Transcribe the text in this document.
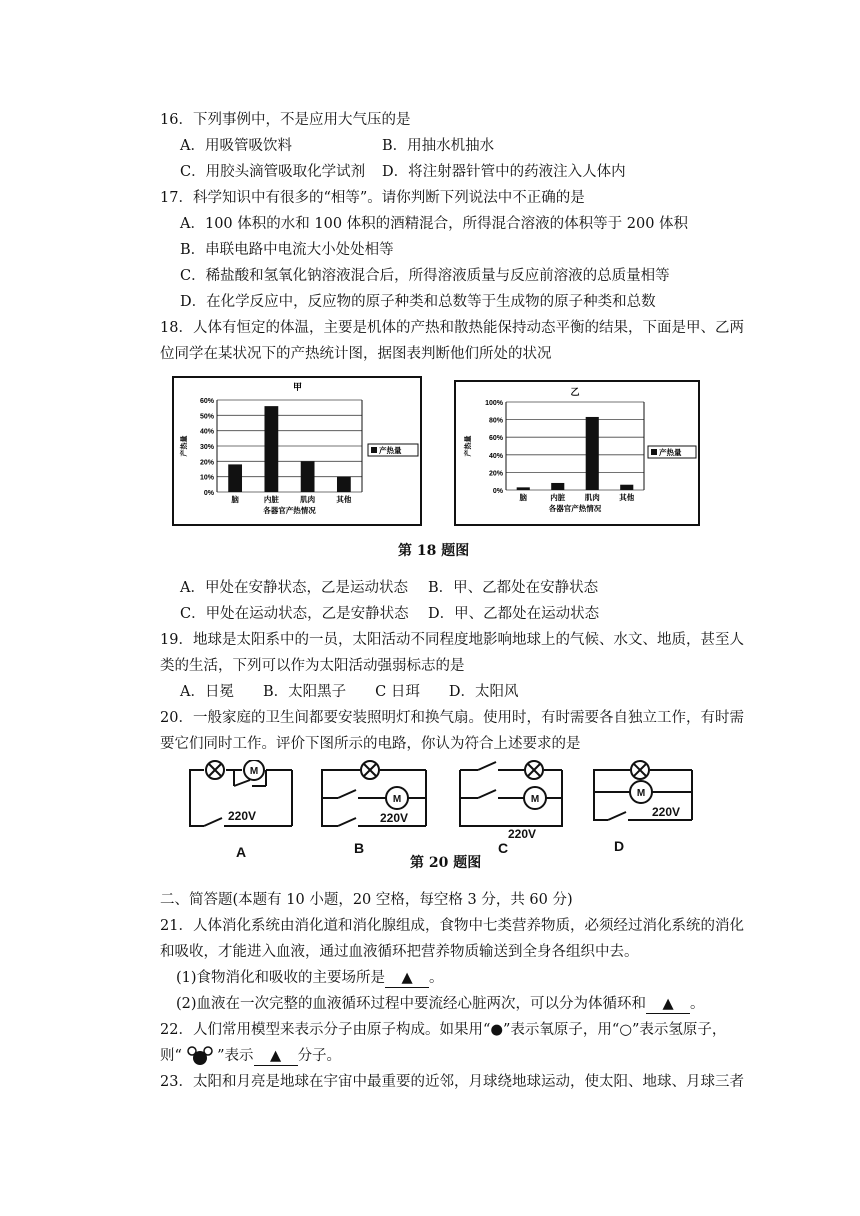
16．下列事例中，不是应用大气压的是
A．用吸管吸饮料	B．用抽水机抽水
C．用胶头滴管吸取化学试剂 D．将注射器针管中的药液注入人体内
17．科学知识中有很多的“相等”。请你判断下列说法中不正确的是
A．100 体积的水和 100 体积的酒精混合，所得混合溶液的体积等于 200 体积
B．串联电路中电流大小处处相等
C．稀盐酸和氢氧化钠溶液混合后，所得溶液质量与反应前溶液的总质量相等
D．在化学反应中，反应物的原子种类和总数等于生成物的原子种类和总数
18．人体有恒定的体温，主要是机体的产热和散热能保持动态平衡的结果，下面是甲、乙两
位同学在某状况下的产热统计图，据图表判断他们所处的状况
甲
0%
10%
20%
30%
40%
50%
60%
产热量
脑	内脏	肌肉	其他
各器官产热情况
产热量
乙
0%
20%
40%
60%
80%
100%
产热量
脑	内脏	肌肉	其他
各器官产热情况
产热量
第 18 题图
A．甲处在安静状态，乙是运动状态 B．甲、乙都处在安静状态
C．甲处在运动状态，乙是安静状态 D．甲、乙都处在运动状态
19．地球是太阳系中的一员，太阳活动不同程度地影响地球上的气候、水文、地质，甚至人
类的生活，下列可以作为太阳活动强弱标志的是
A．日冕　　B．太阳黑子　　C 日珥　　D．太阳风
20．一般家庭的卫生间都要安装照明灯和换气扇。使用时，有时需要各自独立工作，有时需
要它们同时工作。评价下图所示的电路，你认为符合上述要求的是
M
M	M
M
220V	220V
220V
220V
A	B	C	D
第 20 题图
二、简答题(本题有 10 小题，20 空格，每空格 3 分，共 60 分)
21．人体消化系统由消化道和消化腺组成，食物中七类营养物质，必须经过消化系统的消化
和吸收，才能进入血液，通过血液循环把营养物质输送到全身各组织中去。
(1)食物消化和吸收的主要场所是 ▲ 。
(2)血液在一次完整的血液循环过程中要流经心脏两次，可以分为体循环和 ▲ 。
22．人们常用模型来表示分子由原子构成。如果用“●”表示氧原子，用“○”表示氢原子，
则“ ”表示 ▲ 分子。
23．太阳和月亮是地球在宇宙中最重要的近邻，月球绕地球运动，使太阳、地球、月球三者
